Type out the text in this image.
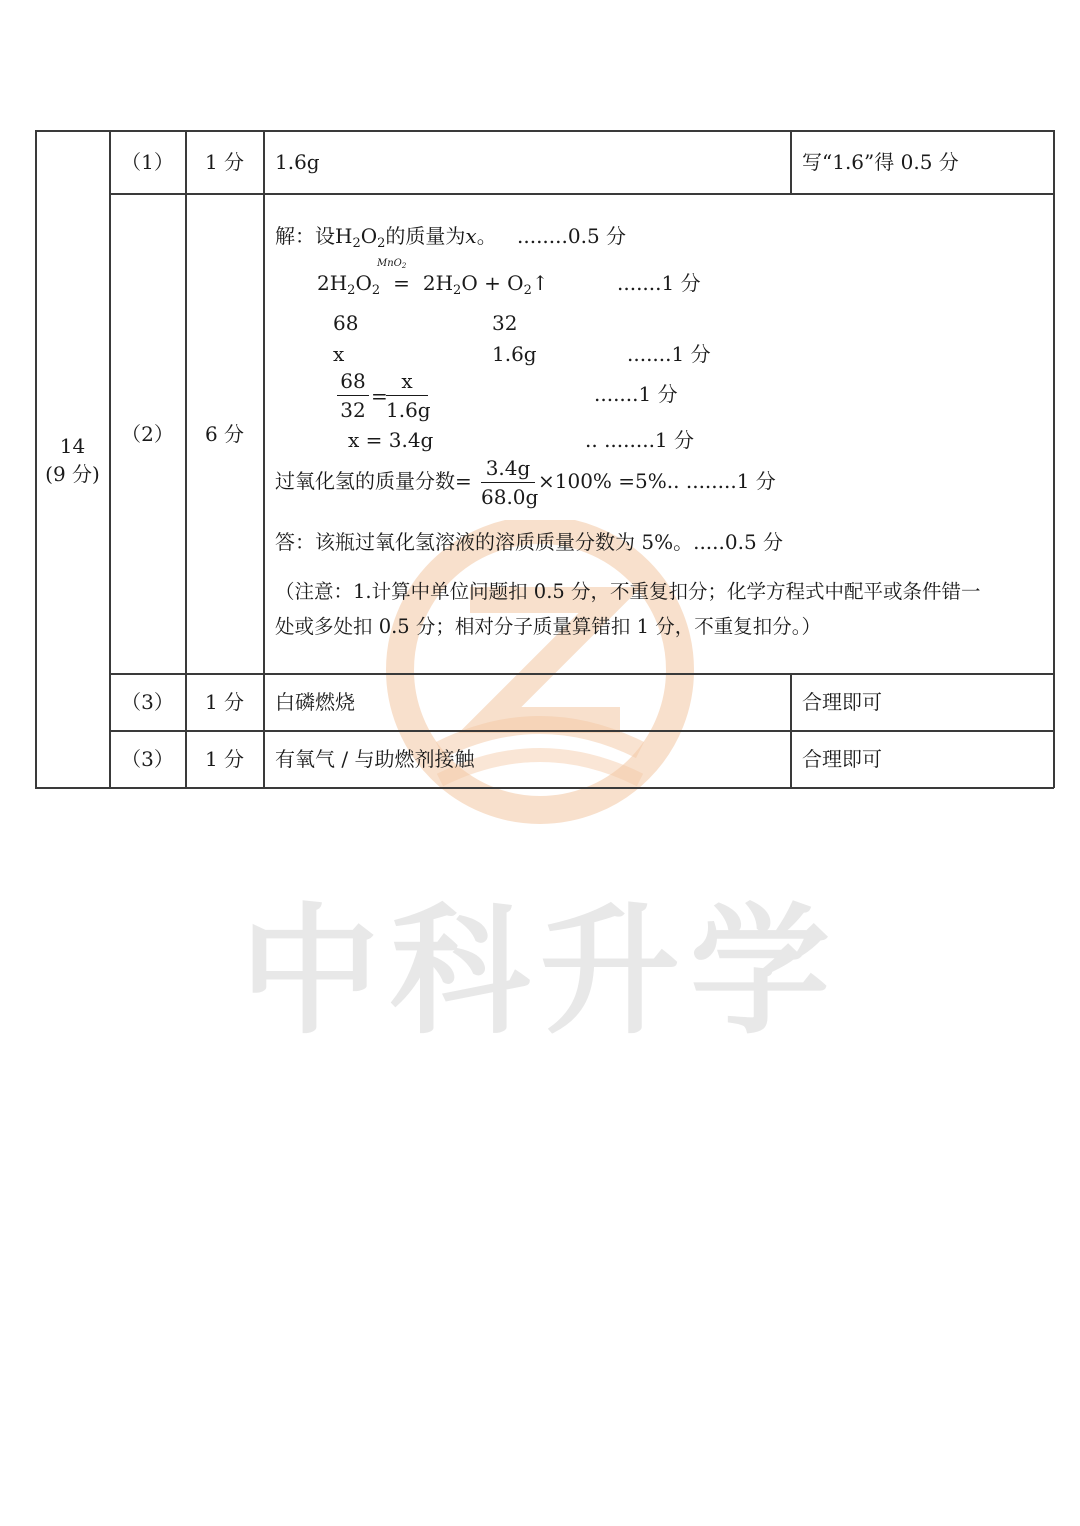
中科升学
14
(9 分)
（1）	1 分	1.6g	写“1.6”得 0.5 分
（2）	6 分
解：设$H_2O_2$的质量为x。 ........0.5 分
MnO$_2$
$2H_2O_2 = 2H_2O$ + $O_2↑$	.......1 分
68	32
x	1.6g	.......1 分
$\frac{68}{32}$ =
$\frac{x}{1.6g}$	.......1 分
x = 3.4g	.. ........1 分
过氧化氢的质量分数= $\frac{3.4g}{68.0g} \times 100\% =5\%$.. ........1 分
答：该瓶过氧化氢溶液的溶质质量分数为 5%。.....0.5 分
（注意：1.计算中单位问题扣 0.5 分，不重复扣分；化学方程式中配平或条件错一
处或多处扣 0.5 分；相对分子质量算错扣 1 分，不重复扣分。）
（3）	1 分	白磷燃烧	合理即可
（3）	1 分	有氧气 / 与助燃剂接触	合理即可
